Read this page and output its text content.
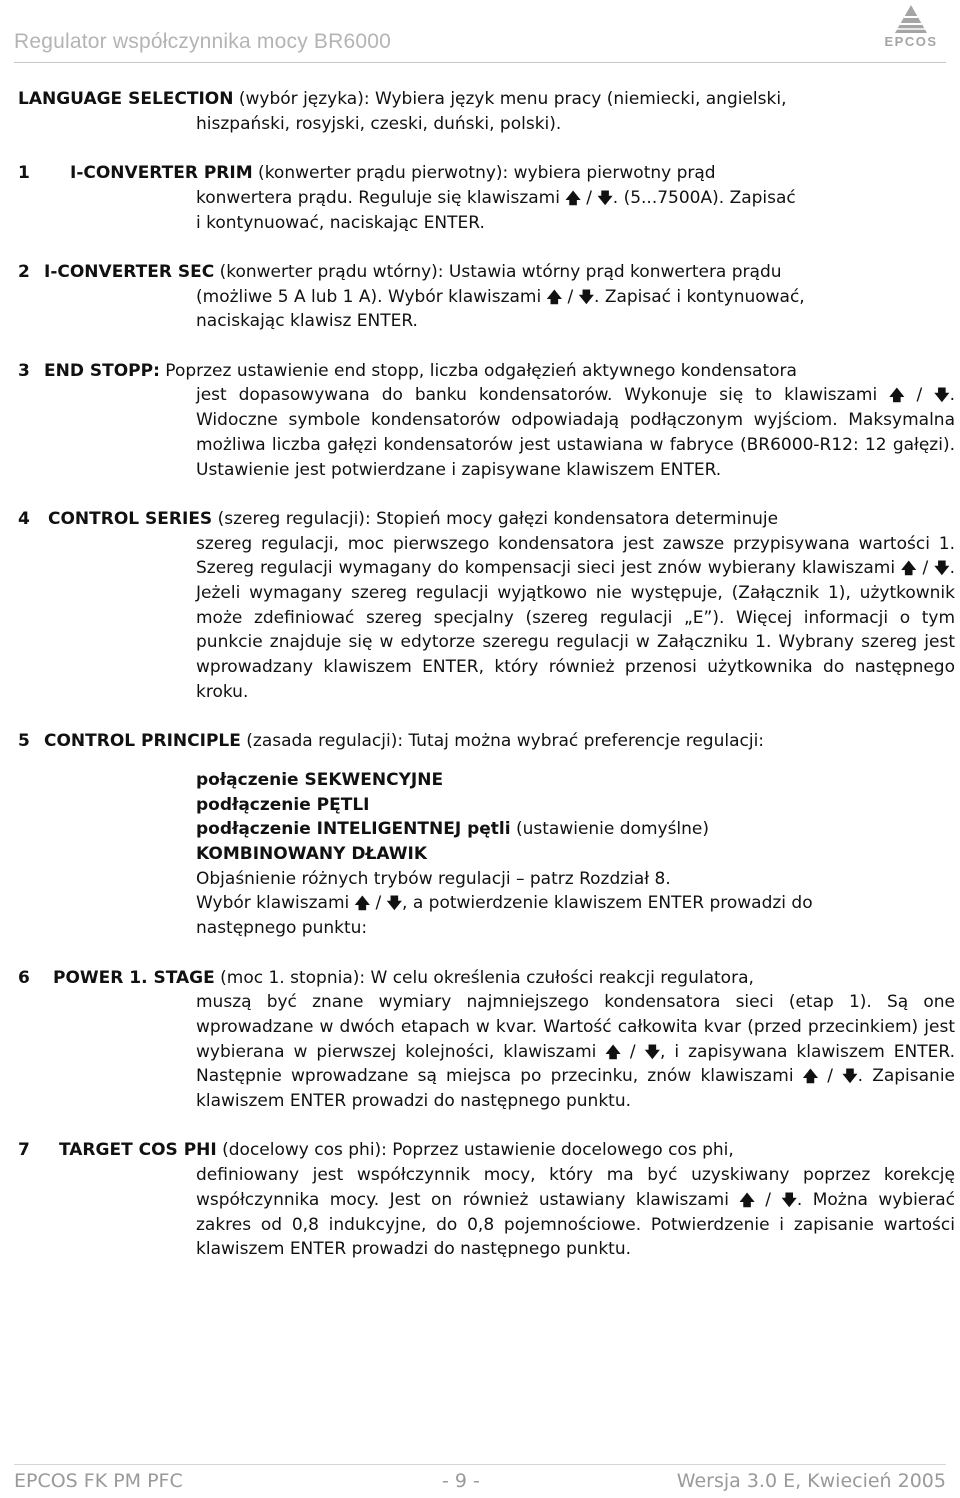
Regulator współczynnika mocy BR6000	EPCOS
LANGUAGE SELECTION (wybór języka): Wybiera język menu pracy (niemiecki, angielski,
hiszpański, rosyjski, czeski, duński, polski).
1	I-CONVERTER PRIM (konwerter prądu pierwotny): wybiera pierwotny prąd
konwertera prądu. Reguluje się klawiszami 🡅 / 🡇. (5...7500A). Zapisać
i kontynuować, naciskając ENTER.
2 I-CONVERTER SEC (konwerter prądu wtórny): Ustawia wtórny prąd konwertera prądu
(możliwe 5 A lub 1 A). Wybór klawiszami 🡅 / 🡇. Zapisać i kontynuować,
naciskając klawisz ENTER.
3 END STOPP: Poprzez ustawienie end stopp, liczba odgałęzień aktywnego kondensatora
jest dopasowywana do banku kondensatorów. Wykonuje się to klawiszami 🡅 / 🡇. Widoczne symbole kondensatorów odpowiadają podłączonym wyjściom. Maksymalna możliwa liczba gałęzi kondensatorów jest ustawiana w fabryce (BR6000-R12: 12 gałęzi). Ustawienie jest potwierdzane i zapisywane klawiszem ENTER.
4	CONTROL SERIES (szereg regulacji): Stopień mocy gałęzi kondensatora determinuje
szereg regulacji, moc pierwszego kondensatora jest zawsze przypisywana wartości 1. Szereg regulacji wymagany do kompensacji sieci jest znów wybierany klawiszami 🡅 / 🡇. Jeżeli wymagany szereg regulacji wyjątkowo nie występuje, (Załącznik 1), użytkownik może zdefiniować szereg specjalny (szereg regulacji „E”). Więcej informacji o tym punkcie znajduje się w edytorze szeregu regulacji w Załączniku 1. Wybrany szereg jest wprowadzany klawiszem ENTER, który również przenosi użytkownika do następnego kroku.
5 CONTROL PRINCIPLE (zasada regulacji): Tutaj można wybrać preferencje regulacji:
połączenie SEKWENCYJNE
podłączenie PĘTLI
podłączenie INTELIGENTNEJ pętli (ustawienie domyślne)
KOMBINOWANY DŁAWIK
Objaśnienie różnych trybów regulacji – patrz Rozdział 8.
Wybór klawiszami 🡅 / 🡇, a potwierdzenie klawiszem ENTER prowadzi do
następnego punktu:
6	POWER 1. STAGE (moc 1. stopnia): W celu określenia czułości reakcji regulatora,
muszą być znane wymiary najmniejszego kondensatora sieci (etap 1). Są one wprowadzane w dwóch etapach w kvar. Wartość całkowita kvar (przed przecinkiem) jest wybierana w pierwszej kolejności, klawiszami 🡅 / 🡇, i zapisywana klawiszem ENTER. Następnie wprowadzane są miejsca po przecinku, znów klawiszami 🡅 / 🡇. Zapisanie klawiszem ENTER prowadzi do następnego punktu.
7	TARGET COS PHI (docelowy cos phi): Poprzez ustawienie docelowego cos phi,
definiowany jest współczynnik mocy, który ma być uzyskiwany poprzez korekcję współczynnika mocy. Jest on również ustawiany klawiszami 🡅 / 🡇. Można wybierać zakres od 0,8 indukcyjne, do 0,8 pojemnościowe. Potwierdzenie i zapisanie wartości klawiszem ENTER prowadzi do następnego punktu.
EPCOS FK PM PFC	- 9 -	Wersja 3.0 E, Kwiecień 2005
